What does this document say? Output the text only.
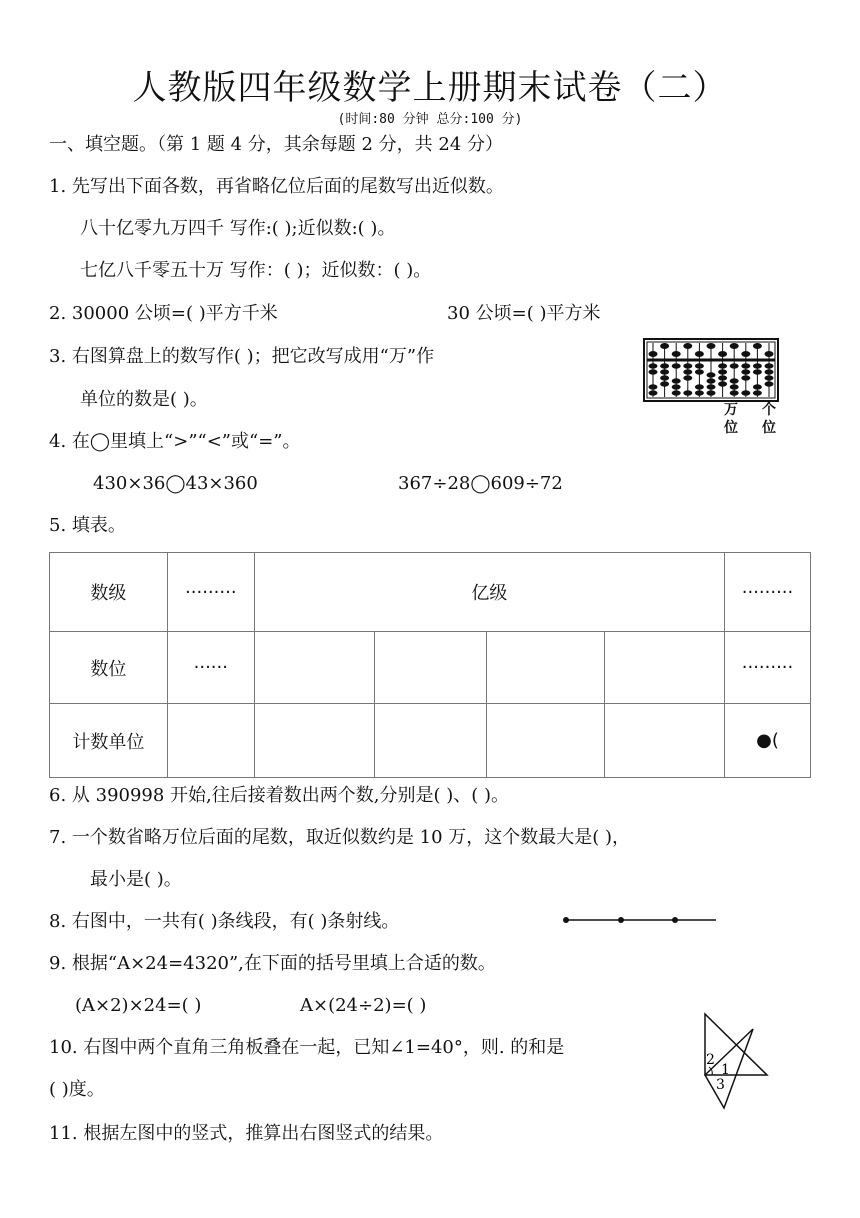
人教版四年级数学上册期末试卷（二）
(时间:80 分钟 总分:100 分)
一、填空题。（第 1 题 4 分，其余每题 2 分，共 24 分）
1. 先写出下面各数，再省略亿位后面的尾数写出近似数。
八十亿零九万四千 写作:( );近似数:( )。
七亿八千零五十万 写作：( )；近似数：( )。
2. 30000 公顷=( )平方千米	30 公顷=( )平方米
3. 右图算盘上的数写作( )；把它改写成用“万”作
单位的数是( )。	万
位
个
位
4. 在◯里填上“>”“<”或“=”。
430×36◯43×360	367÷28◯609÷72
5. 填表。
数级	·········	亿级				·········
数位	······					·········
计数单位						●(
6. 从 390998 开始,往后接着数出两个数,分别是( )、( )。
7. 一个数省略万位后面的尾数，取近似数约是 10 万，这个数最大是( )，
最小是( )。
8. 右图中，一共有( )条线段，有( )条射线。
9. 根据“A×24=4320”,在下面的括号里填上合适的数。
(A×2)×24=( )	A×(24÷2)=( )
10. 右图中两个直角三角板叠在一起，已知∠1=40°，则. 的和是
( )度。
2
1
3
11. 根据左图中的竖式，推算出右图竖式的结果。
